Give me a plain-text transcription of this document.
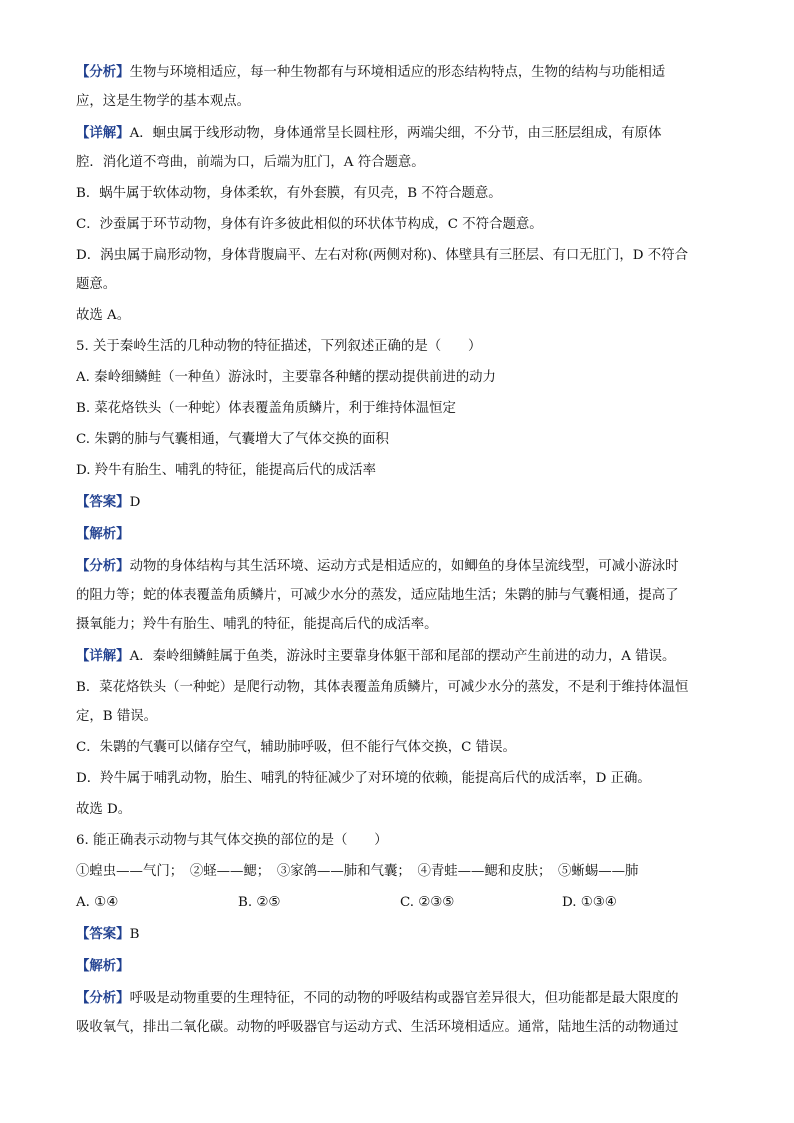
【分析】生物与环境相适应，每一种生物都有与环境相适应的形态结构特点，生物的结构与功能相适
应，这是生物学的基本观点。
【详解】A．蛔虫属于线形动物，身体通常呈长圆柱形，两端尖细，不分节，由三胚层组成，有原体
腔．消化道不弯曲，前端为口，后端为肛门，A 符合题意。
B．蜗牛属于软体动物，身体柔软，有外套膜，有贝壳，B 不符合题意。
C．沙蚕属于环节动物，身体有许多彼此相似的环状体节构成，C 不符合题意。
D．涡虫属于扁形动物，身体背腹扁平、左右对称(两侧对称)、体壁具有三胚层、有口无肛门，D 不符合
题意。
故选 A。
5. 关于秦岭生活的几种动物的特征描述，下列叙述正确的是（　　）
A. 秦岭细鳞鲑（一种鱼）游泳时，主要靠各种鳍的摆动提供前进的动力
B. 菜花烙铁头（一种蛇）体表覆盖角质鳞片，利于维持体温恒定
C. 朱鹮的肺与气囊相通，气囊增大了气体交换的面积
D. 羚牛有胎生、哺乳的特征，能提高后代的成活率
【答案】D
【解析】
【分析】动物的身体结构与其生活环境、运动方式是相适应的，如鲫鱼的身体呈流线型，可减小游泳时
的阻力等；蛇的体表覆盖角质鳞片，可减少水分的蒸发，适应陆地生活；朱鹮的肺与气囊相通，提高了
摄氧能力；羚牛有胎生、哺乳的特征，能提高后代的成活率。
【详解】A．秦岭细鳞鲑属于鱼类，游泳时主要靠身体躯干部和尾部的摆动产生前进的动力，A 错误。
B．菜花烙铁头（一种蛇）是爬行动物，其体表覆盖角质鳞片，可减少水分的蒸发，不是利于维持体温恒
定，B 错误。
C．朱鹮的气囊可以储存空气，辅助肺呼吸，但不能行气体交换，C 错误。
D．羚牛属于哺乳动物，胎生、哺乳的特征减少了对环境的依赖，能提高后代的成活率，D 正确。
故选 D。
6. 能正确表示动物与其气体交换的部位的是（　　）
①蝗虫——气门；　②蛏——鳃；　③家鸽——肺和气囊；　④青蛙——鳃和皮肤；　⑤蜥蜴——肺
A. ①④	B. ②⑤	C. ②③⑤	D. ①③④
【答案】B
【解析】
【分析】呼吸是动物重要的生理特征，不同的动物的呼吸结构或器官差异很大，但功能都是最大限度的
吸收氧气，排出二氧化碳。动物的呼吸器官与运动方式、生活环境相适应。通常，陆地生活的动物通过
